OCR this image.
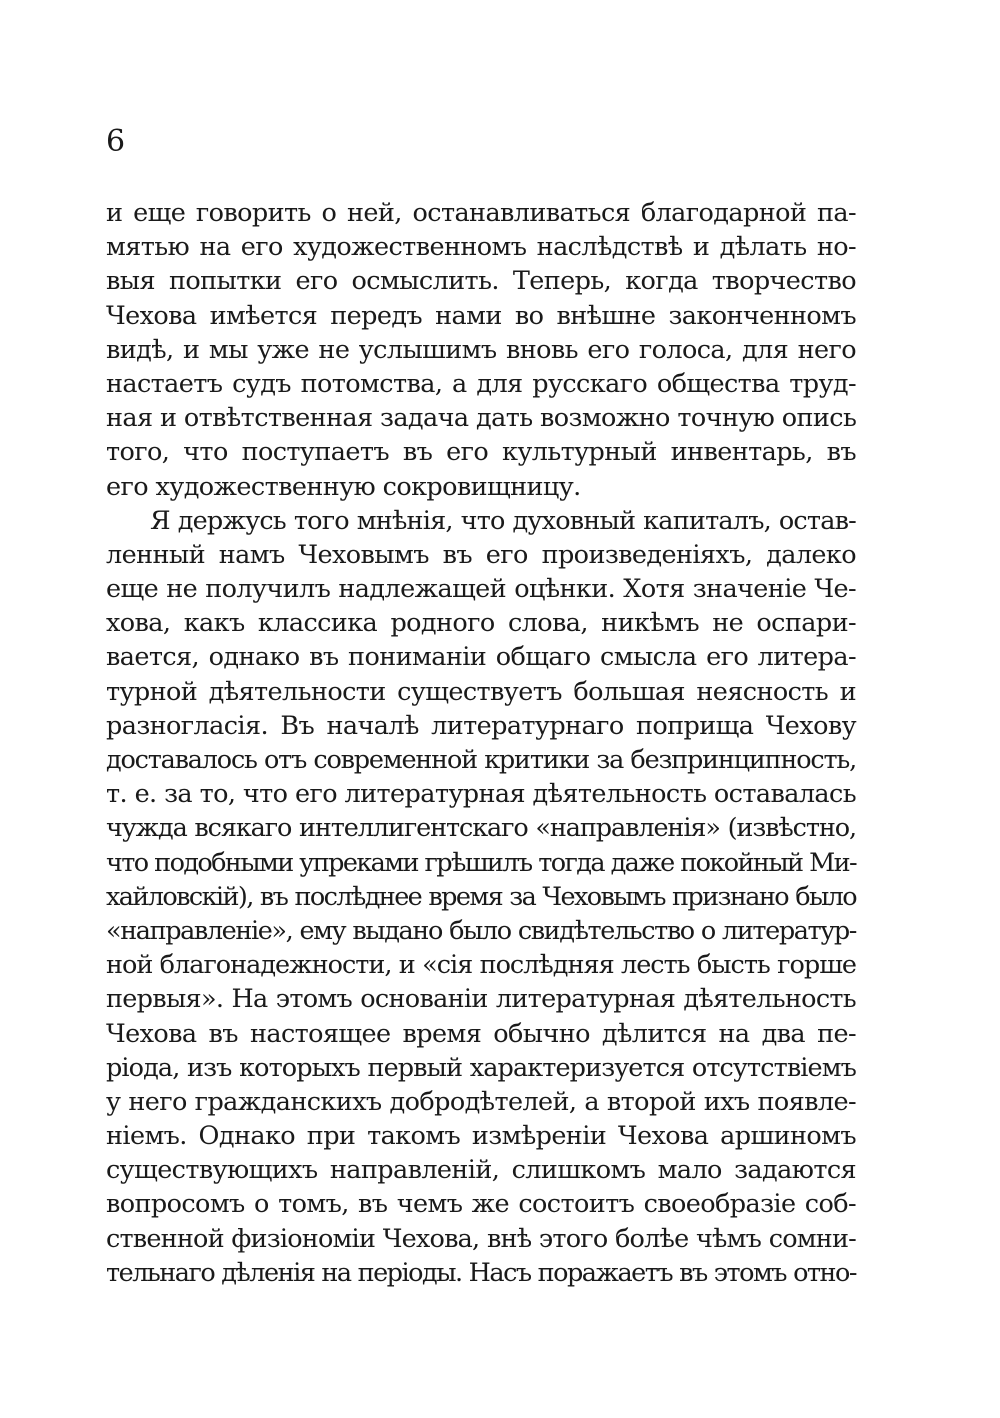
6
и еще говорить о ней, останавливаться благодарной па-
мятью на его художественномъ наслѣдствѣ и дѣлать но-
выя попытки его осмыслить. Теперь, когда творчество
Чехова имѣется передъ нами во внѣшне законченномъ
видѣ, и мы уже не услышимъ вновь его голоса, для него
настаетъ судъ потомства, а для русскаго общества труд-
ная и отвѣтственная задача дать возможно точную опись
того, что поступаетъ въ его культурный инвентарь, въ
его художественную сокровищницу.
Я держусь того мнѣнія, что духовный капиталъ, остав-
ленный намъ Чеховымъ въ его произведеніяхъ, далеко
еще не получилъ надлежащей оцѣнки. Хотя значеніе Че-
хова, какъ классика родного слова, никѣмъ не оспари-
вается, однако въ пониманіи общаго смысла его литера-
турной дѣятельности существуетъ большая неясность и
разногласія. Въ началѣ литературнаго поприща Чехову
доставалось отъ современной критики за безпринципность,
т. е. за то, что его литературная дѣятельность оставалась
чужда всякаго интеллигентскаго «направленія» (извѣстно,
что подобными упреками грѣшилъ тогда даже покойный Ми-
хайловскій), въ послѣднее время за Чеховымъ признано было
«направленіе», ему выдано было свидѣтельство о литератур-
ной благонадежности, и «сія послѣдняя лесть бысть горше
первыя». На этомъ основаніи литературная дѣятельность
Чехова въ настоящее время обычно дѣлится на два пе-
ріода, изъ которыхъ первый характеризуется отсутствіемъ
у него гражданскихъ добродѣтелей, а второй ихъ появле-
ніемъ. Однако при такомъ измѣреніи Чехова аршиномъ
существующихъ направленій, слишкомъ мало задаются
вопросомъ о томъ, въ чемъ же состоитъ своеобразіе соб-
ственной физіономіи Чехова, внѣ этого болѣе чѣмъ сомни-
тельнаго дѣленія на періоды. Насъ поражаетъ въ этомъ отно-
